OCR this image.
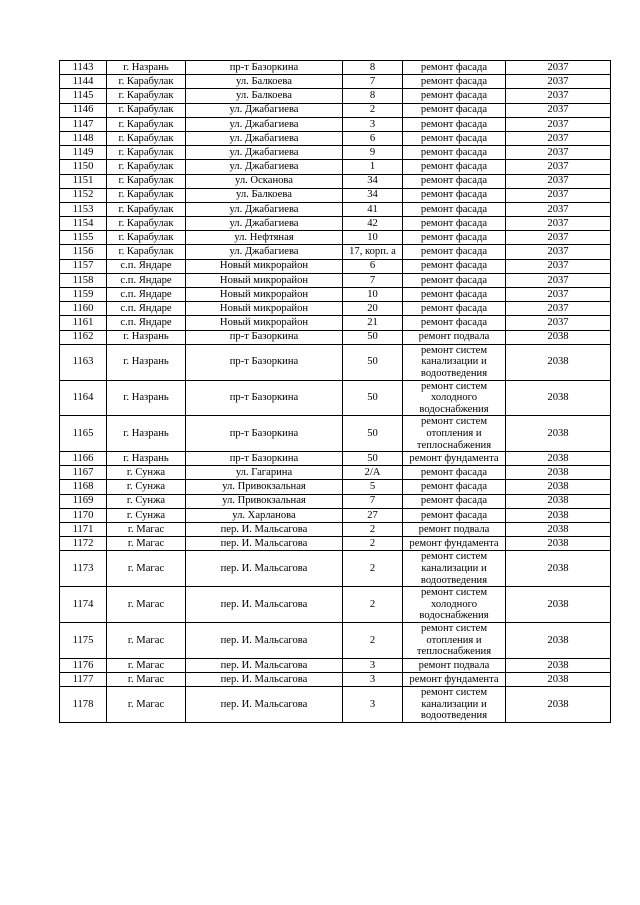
1143	г. Назрань	пр-т Базоркина	8	ремонт фасада	2037
1144	г. Карабулак	ул. Балкоева	7	ремонт фасада	2037
1145	г. Карабулак	ул. Балкоева	8	ремонт фасада	2037
1146	г. Карабулак	ул. Джабагиева	2	ремонт фасада	2037
1147	г. Карабулак	ул. Джабагиева	3	ремонт фасада	2037
1148	г. Карабулак	ул. Джабагиева	6	ремонт фасада	2037
1149	г. Карабулак	ул. Джабагиева	9	ремонт фасада	2037
1150	г. Карабулак	ул. Джабагиева	1	ремонт фасада	2037
1151	г. Карабулак	ул. Осканова	34	ремонт фасада	2037
1152	г. Карабулак	ул. Балкоева	34	ремонт фасада	2037
1153	г. Карабулак	ул. Джабагиева	41	ремонт фасада	2037
1154	г. Карабулак	ул. Джабагиева	42	ремонт фасада	2037
1155	г. Карабулак	ул. Нефтяная	10	ремонт фасада	2037
1156	г. Карабулак	ул. Джабагиева	17, корп. а	ремонт фасада	2037
1157	с.п. Яндаре	Новый микрорайон	6	ремонт фасада	2037
1158	с.п. Яндаре	Новый микрорайон	7	ремонт фасада	2037
1159	с.п. Яндаре	Новый микрорайон	10	ремонт фасада	2037
1160	с.п. Яндаре	Новый микрорайон	20	ремонт фасада	2037
1161	с.п. Яндаре	Новый микрорайон	21	ремонт фасада	2037
1162	г. Назрань	пр-т Базоркина	50	ремонт подвала	2038
1163	г. Назрань	пр-т Базоркина	50	ремонт систем канализации и водоотведения	2038
1164	г. Назрань	пр-т Базоркина	50	ремонт систем холодного водоснабжения	2038
1165	г. Назрань	пр-т Базоркина	50	ремонт систем отопления и теплоснабжения	2038
1166	г. Назрань	пр-т Базоркина	50	ремонт фундамента	2038
1167	г. Сунжа	ул. Гагарина	2/А	ремонт фасада	2038
1168	г. Сунжа	ул. Привокзальная	5	ремонт фасада	2038
1169	г. Сунжа	ул. Привокзальная	7	ремонт фасада	2038
1170	г. Сунжа	ул. Харланова	27	ремонт фасада	2038
1171	г. Магас	пер. И. Мальсагова	2	ремонт подвала	2038
1172	г. Магас	пер. И. Мальсагова	2	ремонт фундамента	2038
1173	г. Магас	пер. И. Мальсагова	2	ремонт систем канализации и водоотведения	2038
1174	г. Магас	пер. И. Мальсагова	2	ремонт систем холодного водоснабжения	2038
1175	г. Магас	пер. И. Мальсагова	2	ремонт систем отопления и теплоснабжения	2038
1176	г. Магас	пер. И. Мальсагова	3	ремонт подвала	2038
1177	г. Магас	пер. И. Мальсагова	3	ремонт фундамента	2038
1178	г. Магас	пер. И. Мальсагова	3	ремонт систем канализации и водоотведения	2038
